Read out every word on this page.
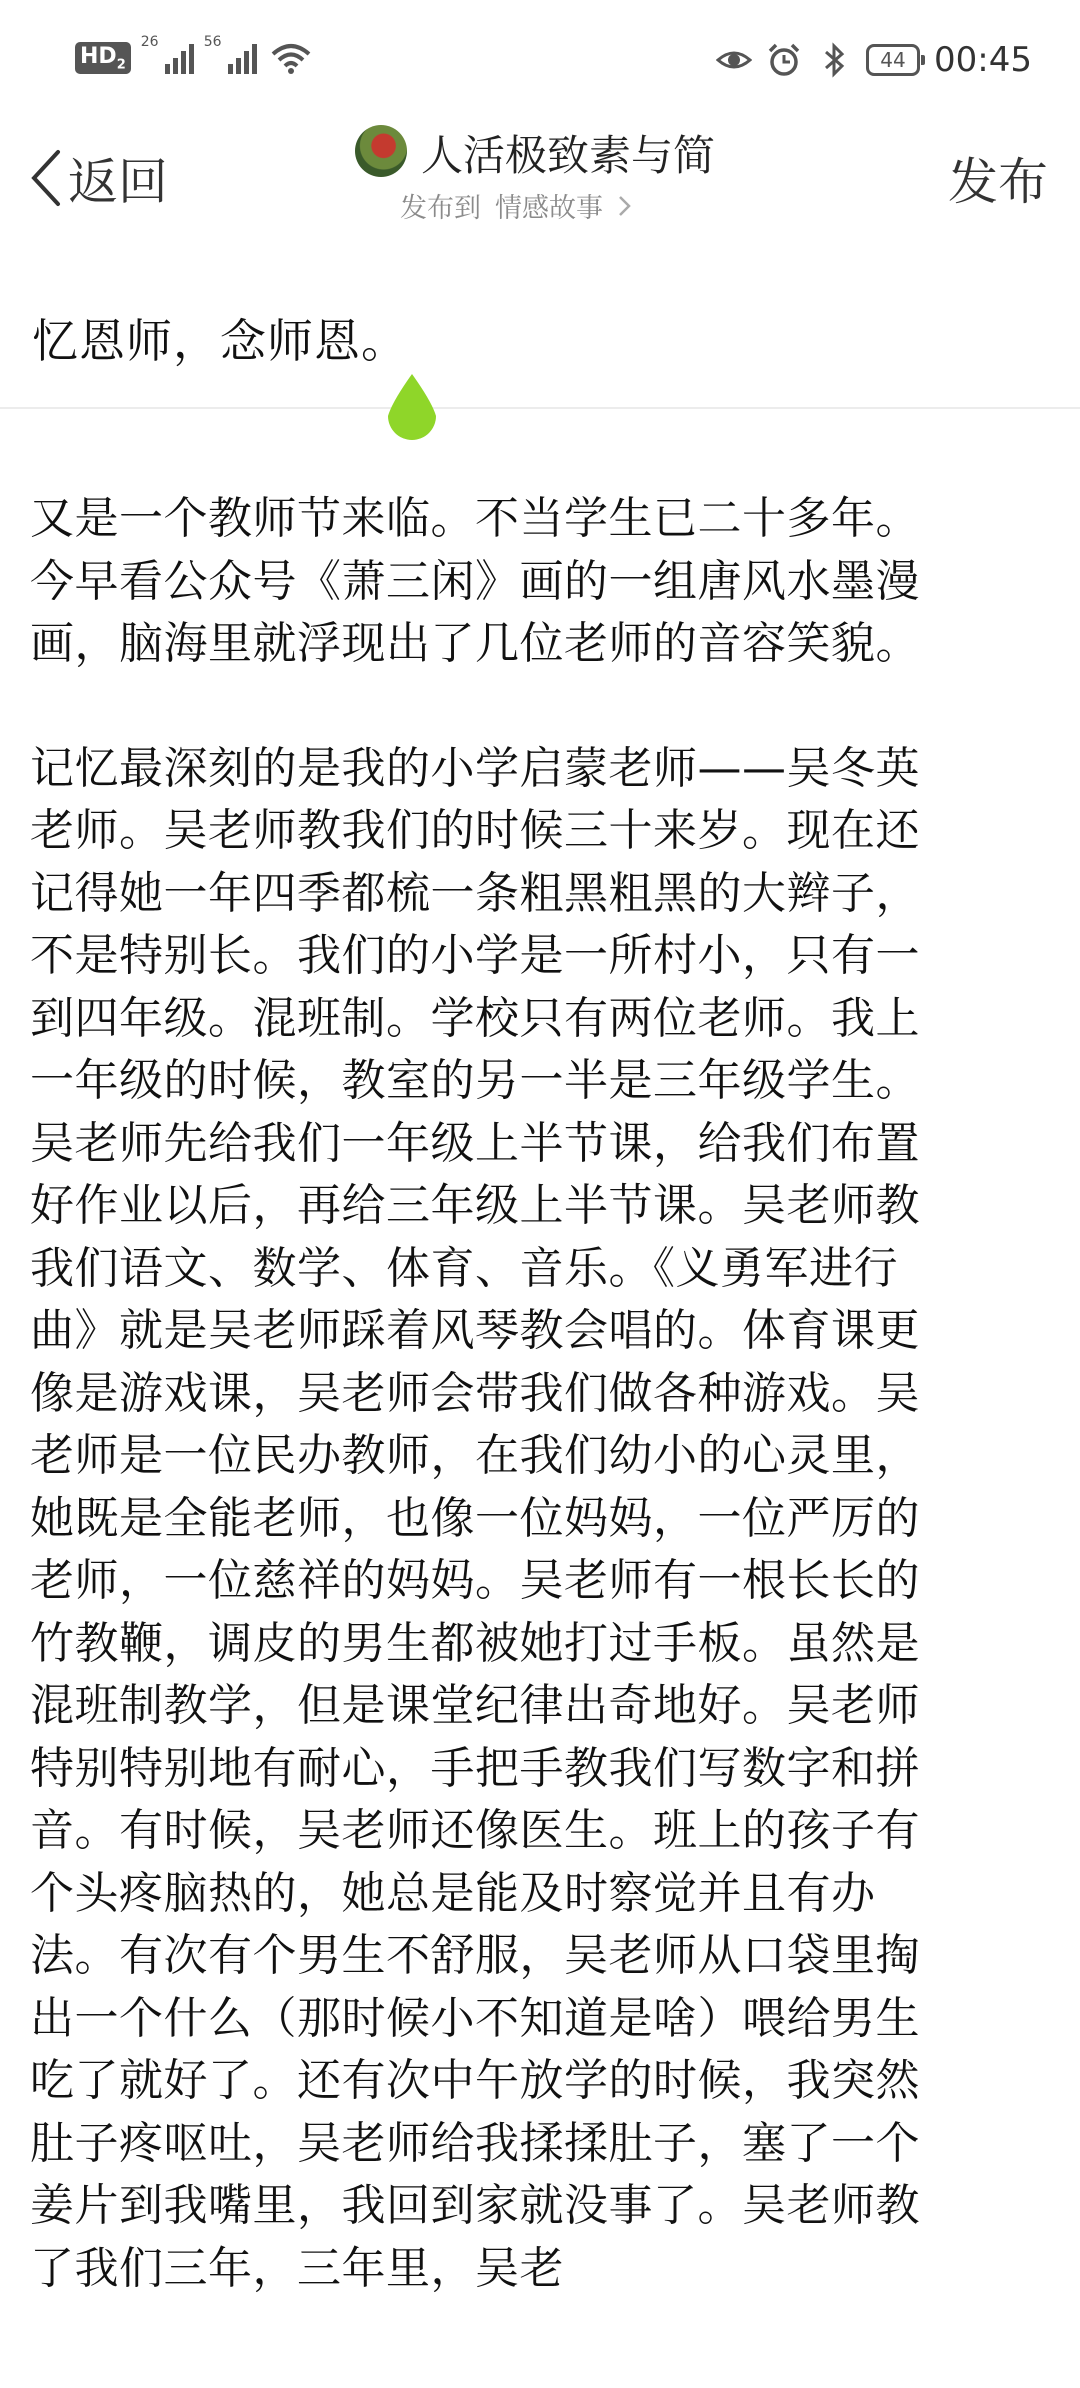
$HD_2$
26	56
44 00:45
返回	人活极致素与简
发布到 情感故事	发布
忆恩师，念师恩。

又是一个教师节来临。不当学生已二十多年。今早看公众号《萧三闲》画的一组唐风水墨漫画，脑海里就浮现出了几位老师的音容笑貌。

记忆最深刻的是我的小学启蒙老师——吴冬英老师。吴老师教我们的时候三十来岁。现在还记得她一年四季都梳一条粗黑粗黑的大辫子，不是特别长。我们的小学是一所村小，只有一到四年级。混班制。学校只有两位老师。我上一年级的时候，教室的另一半是三年级学生。吴老师先给我们一年级上半节课，给我们布置好作业以后，再给三年级上半节课。吴老师教我们语文、数学、体育、音乐。《义勇军进行曲》就是吴老师踩着风琴教会唱的。体育课更像是游戏课，吴老师会带我们做各种游戏。吴老师是一位民办教师，在我们幼小的心灵里，她既是全能老师，也像一位妈妈，一位严厉的老师，一位慈祥的妈妈。吴老师有一根长长的竹教鞭，调皮的男生都被她打过手板。虽然是混班制教学，但是课堂纪律出奇地好。吴老师特别特别地有耐心，手把手教我们写数字和拼音。有时候，吴老师还像医生。班上的孩子有个头疼脑热的，她总是能及时察觉并且有办法。有次有个男生不舒服，吴老师从口袋里掏出一个什么（那时候小不知道是啥）喂给男生吃了就好了。还有次中午放学的时候，我突然肚子疼呕吐，吴老师给我揉揉肚子，塞了一个姜片到我嘴里，我回到家就没事了。吴老师教了我们三年，三年里，吴老
